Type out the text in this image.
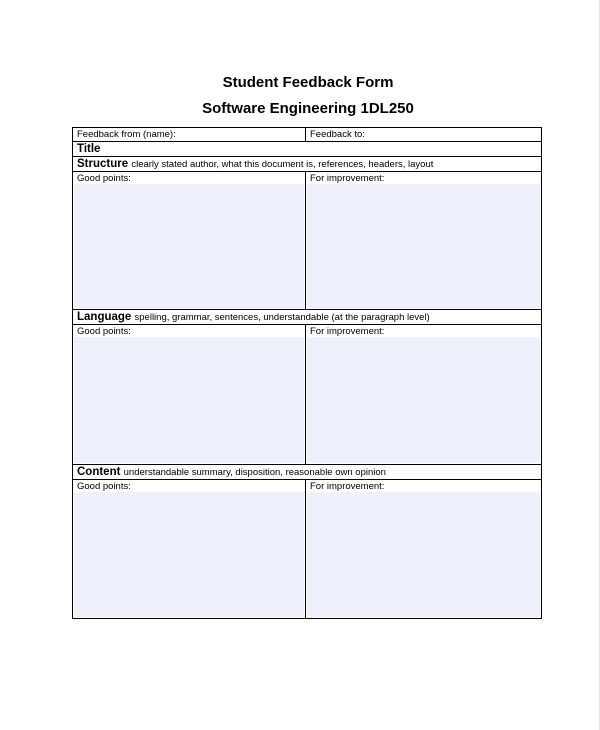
Student Feedback Form
Software Engineering 1DL250
Feedback from (name):	Feedback to:
Title
Structure clearly stated author, what this document is, references, headers, layout
Good points:	For improvement:
Language spelling, grammar, sentences, understandable (at the paragraph level)
Good points:	For improvement:
Content understandable summary, disposition, reasonable own opinion
Good points:	For improvement:
